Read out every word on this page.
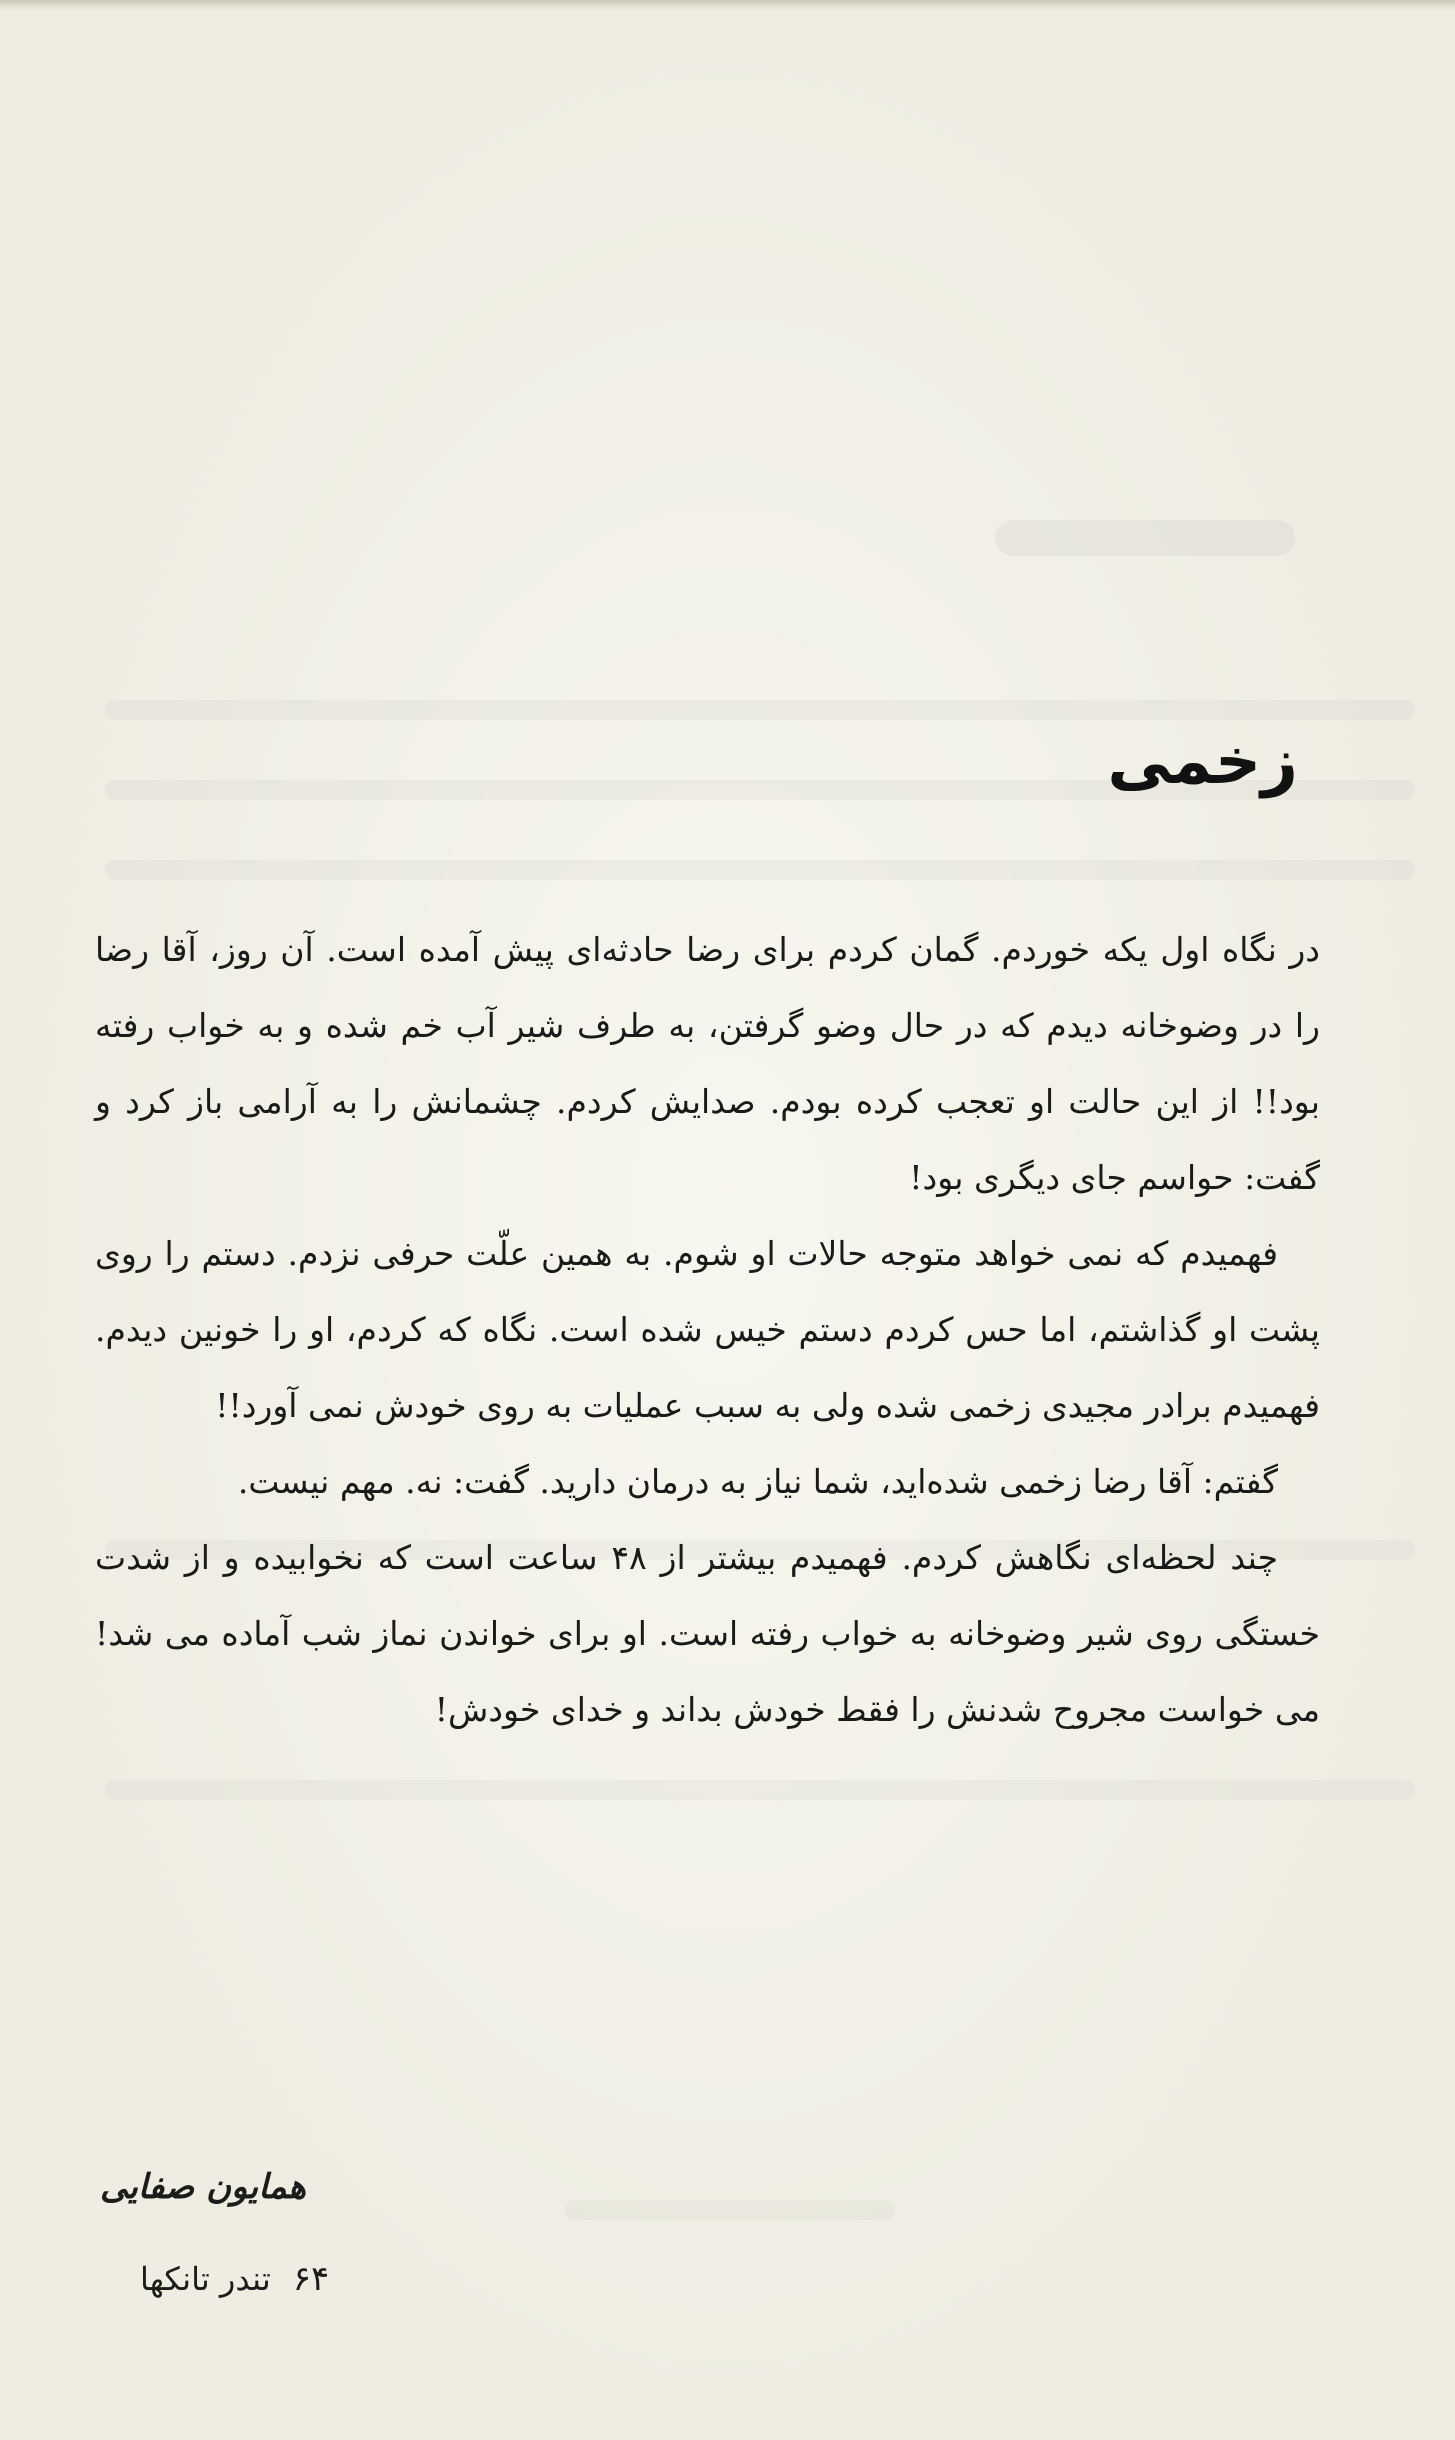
زخمی

در نگاه اول یکه خوردم. گمان کردم برای رضا حادثه‌ای پیش آمده است. آن روز، آقا رضا را در وضوخانه دیدم که در حال وضو گرفتن، به طرف شیر آب خم شده و به خواب رفته بود!! از این حالت او تعجب کرده بودم. صدایش کردم. چشمانش را به آرامی باز کرد و گفت: حواسم جای دیگری بود!

فهمیدم که نمی خواهد متوجه حالات او شوم. به همین علّت حرفی نزدم. دستم را روی پشت او گذاشتم، اما حس کردم دستم خیس شده است. نگاه که کردم، او را خونین دیدم. فهمیدم برادر مجیدی زخمی شده ولی به سبب عملیات به روی خودش نمی آورد!!

گفتم: آقا رضا زخمی شده‌اید، شما نیاز به درمان دارید. گفت: نه. مهم نیست.

چند لحظه‌ای نگاهش کردم. فهمیدم بیشتر از ۴۸ ساعت است که نخوابیده و از شدت خستگی روی شیر وضوخانه به خواب رفته است. او برای خواندن نماز شب آماده می شد! می خواست مجروح شدنش را فقط خودش بداند و خدای خودش!

همایون صفایی
۶۴
تندر تانکها
